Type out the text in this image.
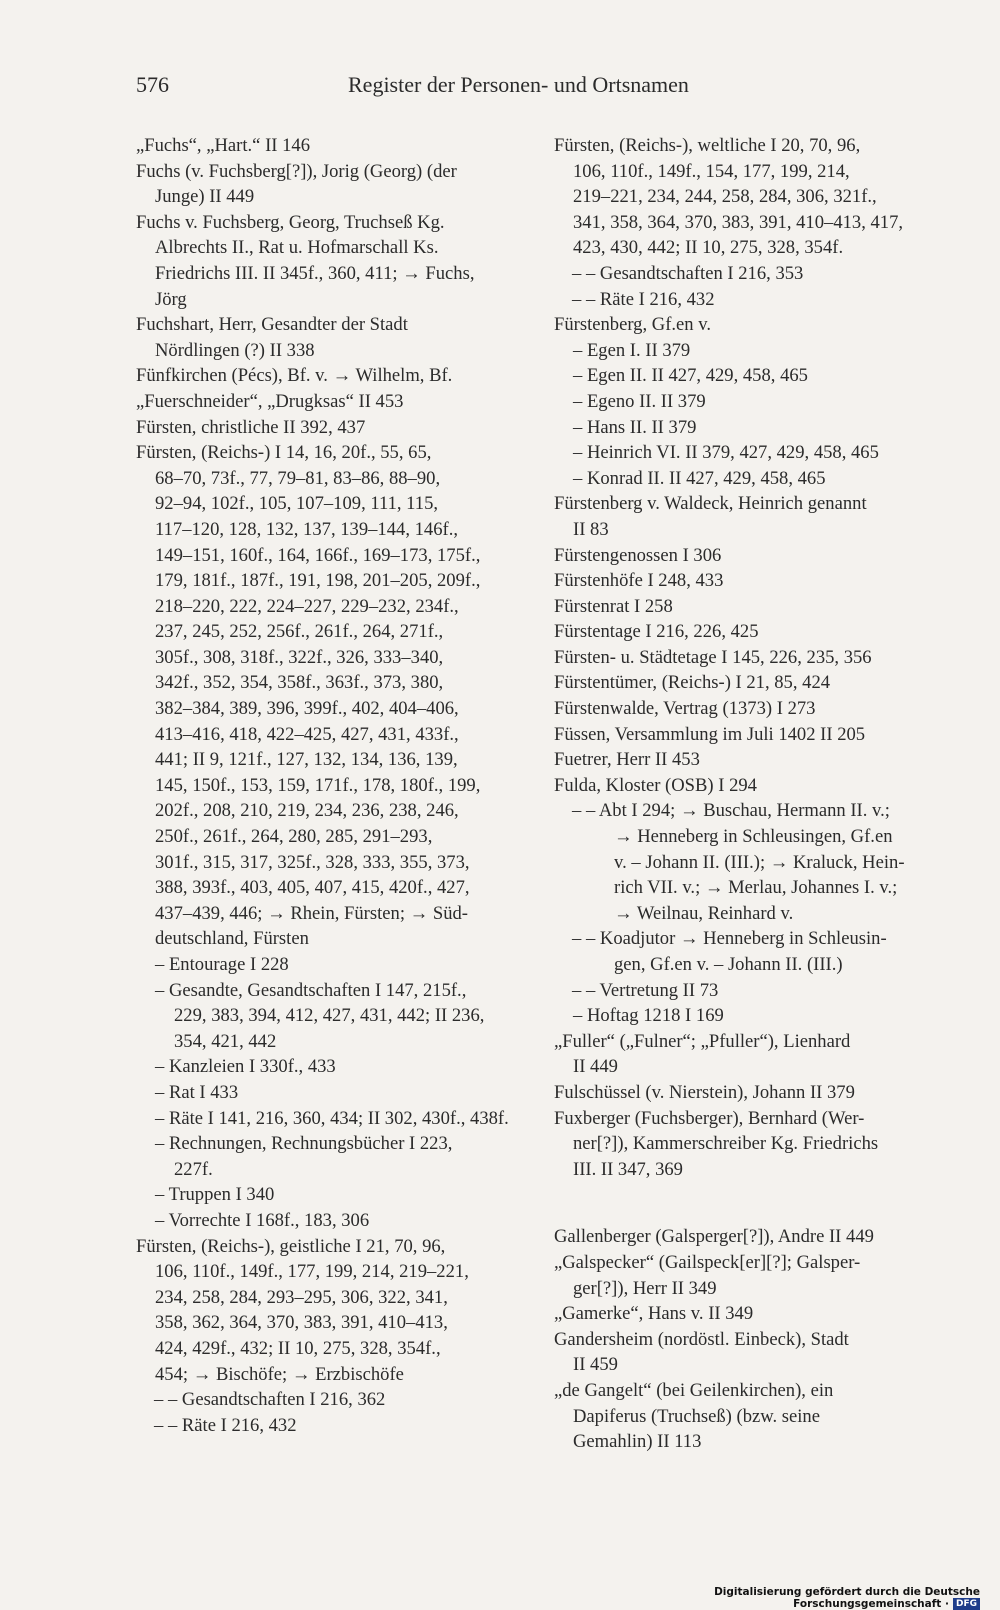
576	Register der Personen- und Ortsnamen
„Fuchs“, „Hart.“ II 146
Fuchs (v. Fuchsberg[?]), Jorig (Georg) (der
Junge) II 449
Fuchs v. Fuchsberg, Georg, Truchseß Kg.
Albrechts II., Rat u. Hofmarschall Ks.
Friedrichs III. II 345f., 360, 411; → Fuchs,
Jörg
Fuchshart, Herr, Gesandter der Stadt
Nördlingen (?) II 338
Fünfkirchen (Pécs), Bf. v. → Wilhelm, Bf.
„Fuerschneider“, „Drugksas“ II 453
Fürsten, christliche II 392, 437
Fürsten, (Reichs-) I 14, 16, 20f., 55, 65,
68–70, 73f., 77, 79–81, 83–86, 88–90,
92–94, 102f., 105, 107–109, 111, 115,
117–120, 128, 132, 137, 139–144, 146f.,
149–151, 160f., 164, 166f., 169–173, 175f.,
179, 181f., 187f., 191, 198, 201–205, 209f.,
218–220, 222, 224–227, 229–232, 234f.,
237, 245, 252, 256f., 261f., 264, 271f.,
305f., 308, 318f., 322f., 326, 333–340,
342f., 352, 354, 358f., 363f., 373, 380,
382–384, 389, 396, 399f., 402, 404–406,
413–416, 418, 422–425, 427, 431, 433f.,
441; II 9, 121f., 127, 132, 134, 136, 139,
145, 150f., 153, 159, 171f., 178, 180f., 199,
202f., 208, 210, 219, 234, 236, 238, 246,
250f., 261f., 264, 280, 285, 291–293,
301f., 315, 317, 325f., 328, 333, 355, 373,
388, 393f., 403, 405, 407, 415, 420f., 427,
437–439, 446; → Rhein, Fürsten; → Süd-
deutschland, Fürsten
– Entourage I 228
– Gesandte, Gesandtschaften I 147, 215f.,
229, 383, 394, 412, 427, 431, 442; II 236,
354, 421, 442
– Kanzleien I 330f., 433
– Rat I 433
– Räte I 141, 216, 360, 434; II 302, 430f., 438f.
– Rechnungen, Rechnungsbücher I 223,
227f.
– Truppen I 340
– Vorrechte I 168f., 183, 306
Fürsten, (Reichs-), geistliche I 21, 70, 96,
106, 110f., 149f., 177, 199, 214, 219–221,
234, 258, 284, 293–295, 306, 322, 341,
358, 362, 364, 370, 383, 391, 410–413,
424, 429f., 432; II 10, 275, 328, 354f.,
454; → Bischöfe; → Erzbischöfe
– – Gesandtschaften I 216, 362
– – Räte I 216, 432
Fürsten, (Reichs-), weltliche I 20, 70, 96,
106, 110f., 149f., 154, 177, 199, 214,
219–221, 234, 244, 258, 284, 306, 321f.,
341, 358, 364, 370, 383, 391, 410–413, 417,
423, 430, 442; II 10, 275, 328, 354f.
– – Gesandtschaften I 216, 353
– – Räte I 216, 432
Fürstenberg, Gf.en v.
– Egen I. II 379
– Egen II. II 427, 429, 458, 465
– Egeno II. II 379
– Hans II. II 379
– Heinrich VI. II 379, 427, 429, 458, 465
– Konrad II. II 427, 429, 458, 465
Fürstenberg v. Waldeck, Heinrich genannt
II 83
Fürstengenossen I 306
Fürstenhöfe I 248, 433
Fürstenrat I 258
Fürstentage I 216, 226, 425
Fürsten- u. Städtetage I 145, 226, 235, 356
Fürstentümer, (Reichs-) I 21, 85, 424
Fürstenwalde, Vertrag (1373) I 273
Füssen, Versammlung im Juli 1402 II 205
Fuetrer, Herr II 453
Fulda, Kloster (OSB) I 294
– – Abt I 294; → Buschau, Hermann II. v.;
→ Henneberg in Schleusingen, Gf.en
v. – Johann II. (III.); → Kraluck, Hein-
rich VII. v.; → Merlau, Johannes I. v.;
→ Weilnau, Reinhard v.
– – Koadjutor → Henneberg in Schleusin-
gen, Gf.en v. – Johann II. (III.)
– – Vertretung II 73
– Hoftag 1218 I 169
„Fuller“ („Fulner“; „Pfuller“), Lienhard
II 449
Fulschüssel (v. Nierstein), Johann II 379
Fuxberger (Fuchsberger), Bernhard (Wer-
ner[?]), Kammerschreiber Kg. Friedrichs
III. II 347, 369
Gallenberger (Galsperger[?]), Andre II 449
„Galspecker“ (Gailspeck[er][?]; Galsper-
ger[?]), Herr II 349
„Gamerke“, Hans v. II 349
Gandersheim (nordöstl. Einbeck), Stadt
II 459
„de Gangelt“ (bei Geilenkirchen), ein
Dapiferus (Truchseß) (bzw. seine
Gemahlin) II 113
Digitalisierung gefördert durch die Deutsche Forschungsgemeinschaft · DFG
